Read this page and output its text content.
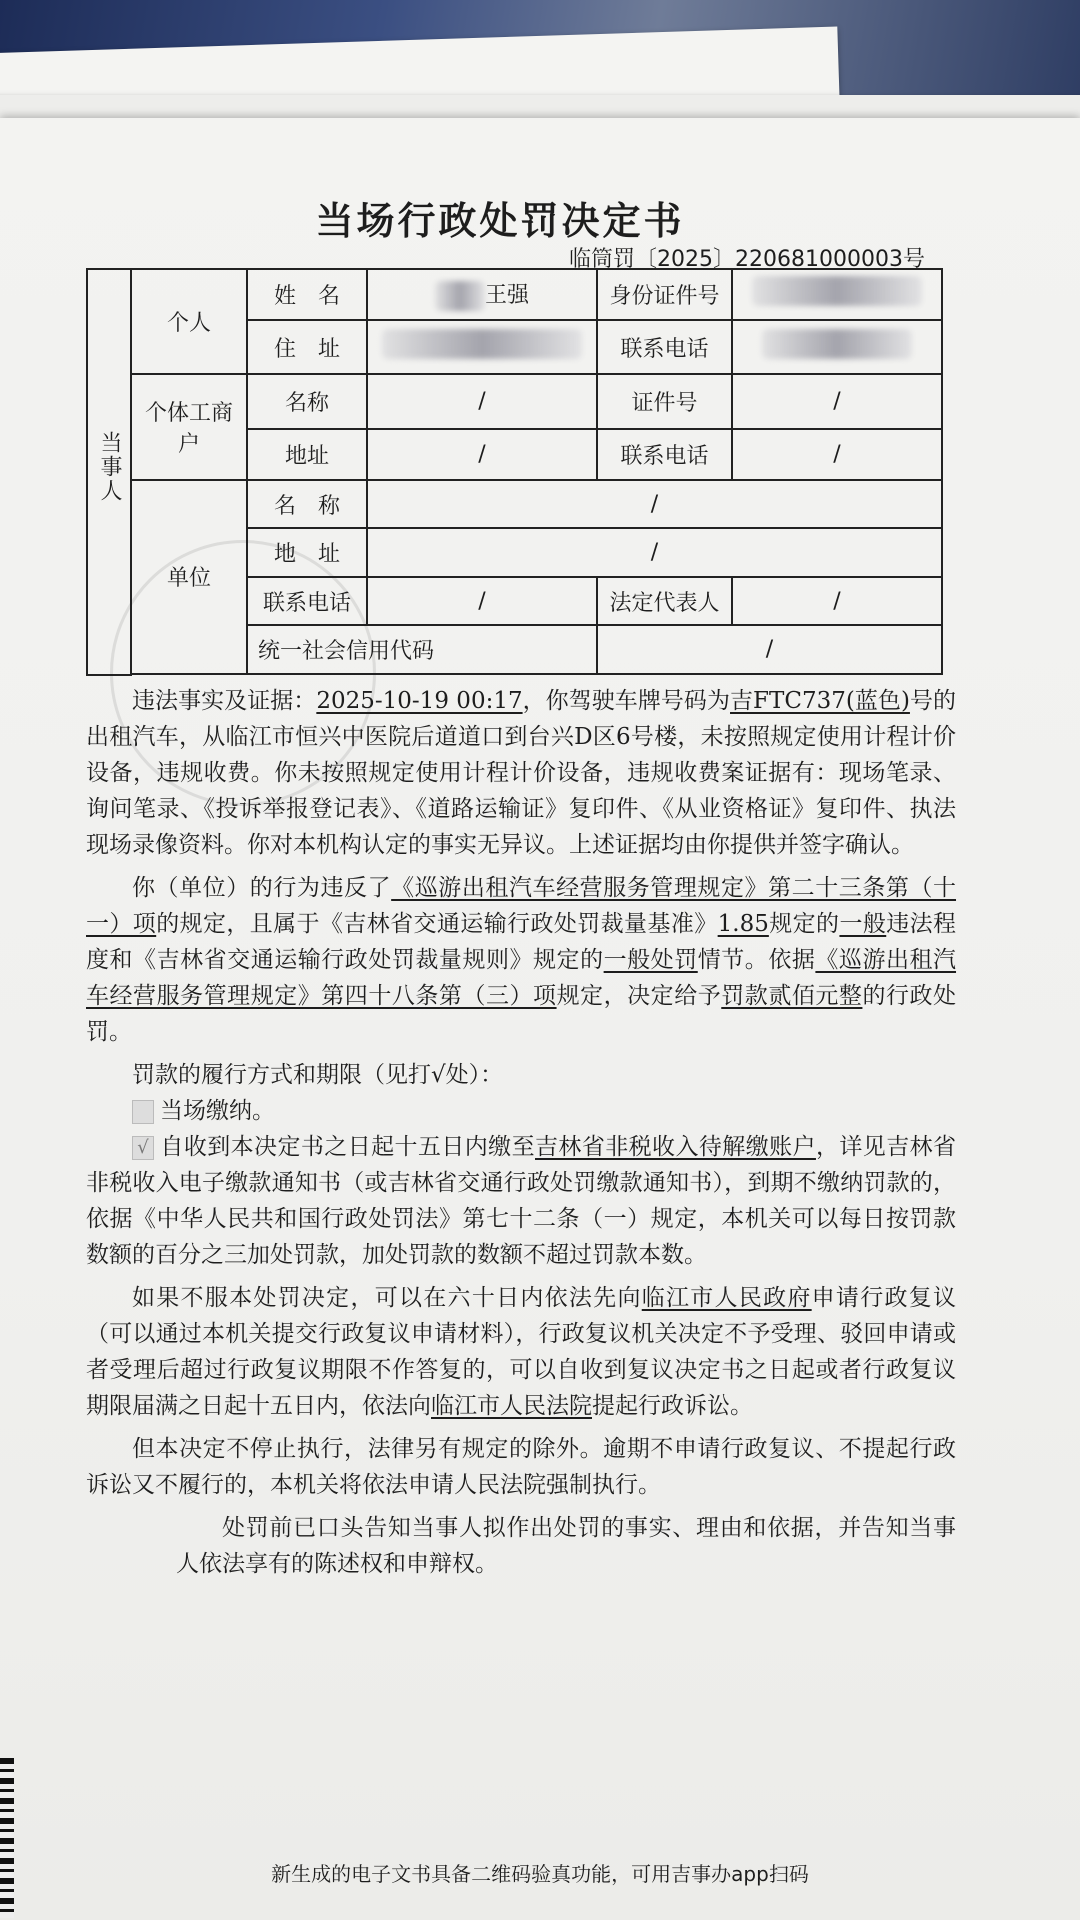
当场行政处罚决定书
临筒罚〔2025〕220681000003号
当事人	个人	姓　名	王强	身份证件号	
		住　址		联系电话	
	个体工商户	名称	/	证件号	/
		地址	/	联系电话	/
	单位	名　称	/		
		地　址	/		
		联系电话	/	法定代表人	/
		统一社会信用代码		/	

违法事实及证据：2025-10-19 00:17，你驾驶车牌号码为吉FTC737(蓝色)号的出租汽车，从临江市恒兴中医院后道道口到台兴D区6号楼，未按照规定使用计程计价设备，违规收费。你未按照规定使用计程计价设备，违规收费案证据有：现场笔录、询问笔录、《投诉举报登记表》、《道路运输证》复印件、《从业资格证》复印件、执法现场录像资料。你对本机构认定的事实无异议。上述证据均由你提供并签字确认。

你（单位）的行为违反了《巡游出租汽车经营服务管理规定》第二十三条第（十一）项的规定，且属于《吉林省交通运输行政处罚裁量基准》1.85规定的一般违法程度和《吉林省交通运输行政处罚裁量规则》规定的一般处罚情节。依据《巡游出租汽车经营服务管理规定》第四十八条第（三）项规定，决定给予罚款贰佰元整的行政处罚。

罚款的履行方式和期限（见打√处）：

当场缴纳。

√ 自收到本决定书之日起十五日内缴至吉林省非税收入待解缴账户，详见吉林省非税收入电子缴款通知书（或吉林省交通行政处罚缴款通知书），到期不缴纳罚款的，依据《中华人民共和国行政处罚法》第七十二条（一）规定，本机关可以每日按罚款数额的百分之三加处罚款，加处罚款的数额不超过罚款本数。

如果不服本处罚决定，可以在六十日内依法先向临江市人民政府申请行政复议（可以通过本机关提交行政复议申请材料），行政复议机关决定不予受理、驳回申请或者受理后超过行政复议期限不作答复的，可以自收到复议决定书之日起或者行政复议期限届满之日起十五日内，依法向临江市人民法院提起行政诉讼。

但本决定不停止执行，法律另有规定的除外。逾期不申请行政复议、不提起行政诉讼又不履行的，本机关将依法申请人民法院强制执行。

处罚前已口头告知当事人拟作出处罚的事实、理由和依据，并告知当事人依法享有的陈述权和申辩权。

新生成的电子文书具备二维码验真功能，可用吉事办app扫码
